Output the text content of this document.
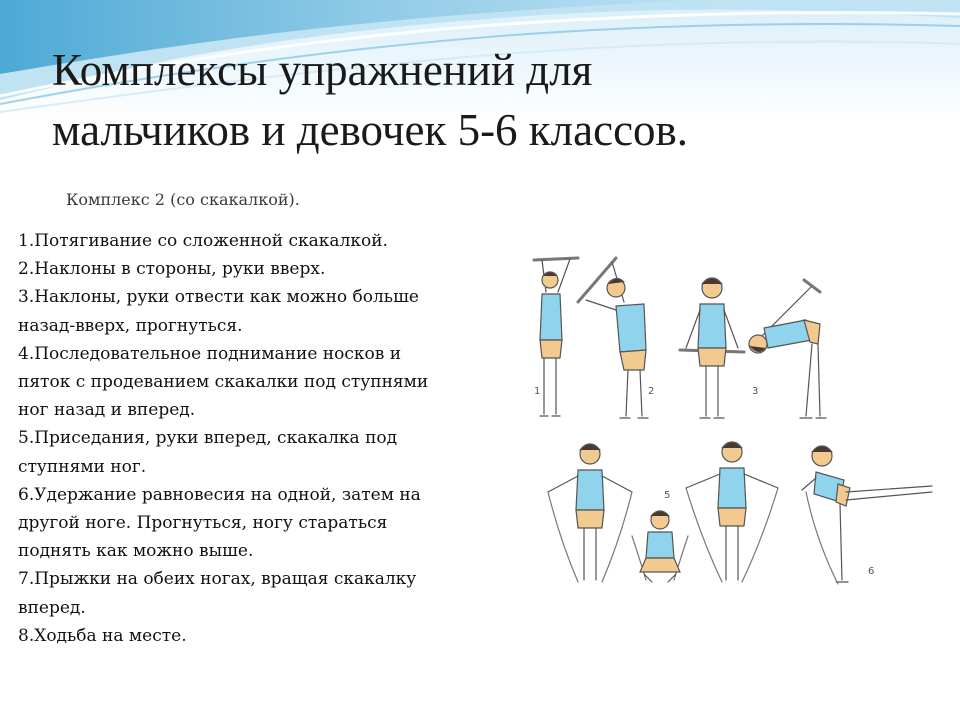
Комплексы упражнений для
мальчиков и девочек 5-6 классов.

Комплекс 2 (со скакалкой).

1.Потягивание со сложенной скакалкой.
2.Наклоны в стороны, руки вверх.
3.Наклоны, руки отвести как можно больше
назад-вверх, прогнуться.
4.Последовательное поднимание носков и
пяток с продеванием скакалки под ступнями
ног назад и вперед.
5.Приседания, руки вперед, скакалка под
ступнями ног.
6.Удержание равновесия на одной, затем на
другой ноге. Прогнуться, ногу стараться
поднять как можно выше.
7.Прыжки на обеих ногах, вращая скакалку
вперед.
8.Ходьба на месте.
1	2	3
5
6
